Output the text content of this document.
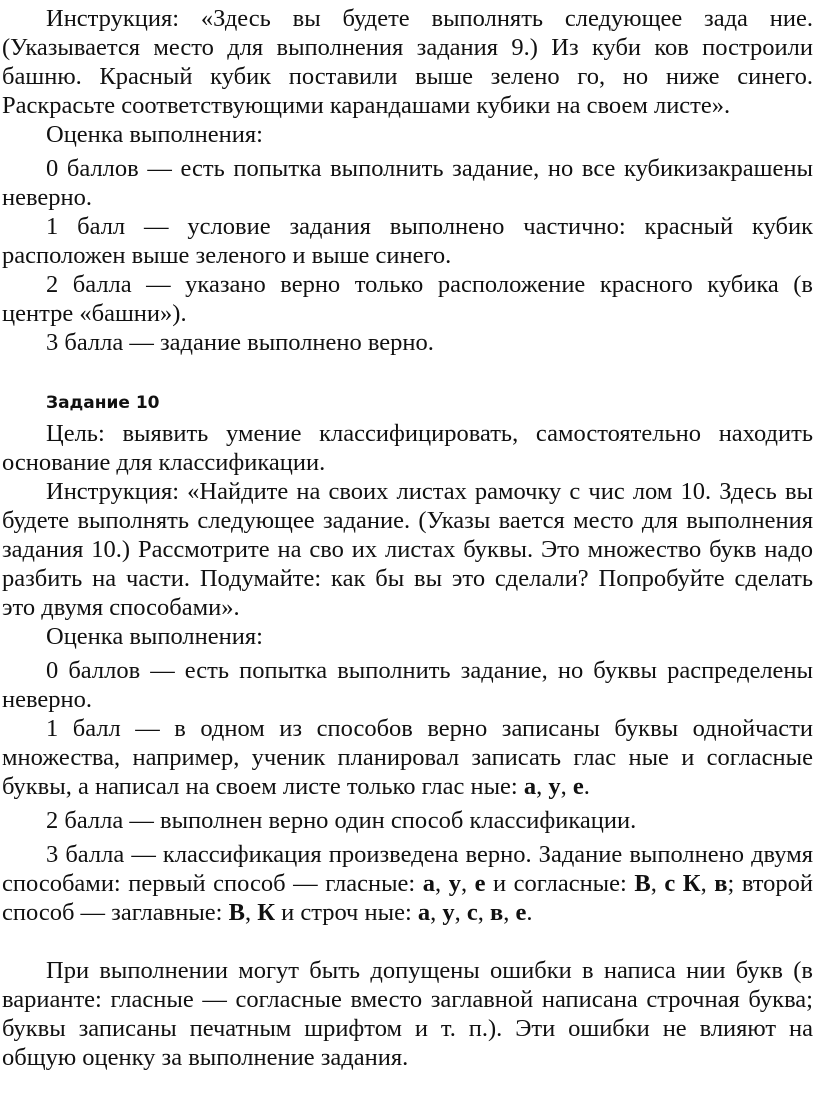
Инструкция: «Здесь вы будете выполнять следующее зада ние. (Указывается место для выполнения задания 9.) Из куби ков построили башню. Красный кубик поставили выше зелено го, но ниже синего. Раскрасьте соответствующими карандашами кубики на своем листе».

Оценка выполнения:

0 баллов — есть попытка выполнить задание, но все кубикизакрашены неверно.

1 балл — условие задания выполнено частично: красный кубик расположен выше зеленого и выше синего.

2 балла — указано верно только расположение красного кубика (в центре «башни»).

3 балла — задание выполнено верно.

Задание 10

Цель: выявить умение классифицировать, самостоятельно находить основание для классификации.

Инструкция: «Найдите на своих листах рамочку с чис лом 10. Здесь вы будете выполнять следующее задание. (Указы вается место для выполнения задания 10.) Рассмотрите на сво их листах буквы. Это множество букв надо разбить на части. Подумайте: как бы вы это сделали? Попробуйте сделать это двумя способами».

Оценка выполнения:

0 баллов — есть попытка выполнить задание, но буквы распределены неверно.

1 балл — в одном из способов верно записаны буквы однойчасти множества, например, ученик планировал записать глас ные и согласные буквы, а написал на своем листе только глас ные: а, у, е.

2 балла — выполнен верно один способ классификации.

3 балла — классификация произведена верно. Задание выполнено двумя способами: первый способ — гласные: а, у, е и согласные: В, с К, в; второй способ — заглавные: В, К и строч ные: а, у, с, в, е.

При выполнении могут быть допущены ошибки в написа нии букв (в варианте: гласные — согласные вместо заглавной написана строчная буква; буквы записаны печатным шрифтом и т. п.). Эти ошибки не влияют на общую оценку за выполнение задания.
